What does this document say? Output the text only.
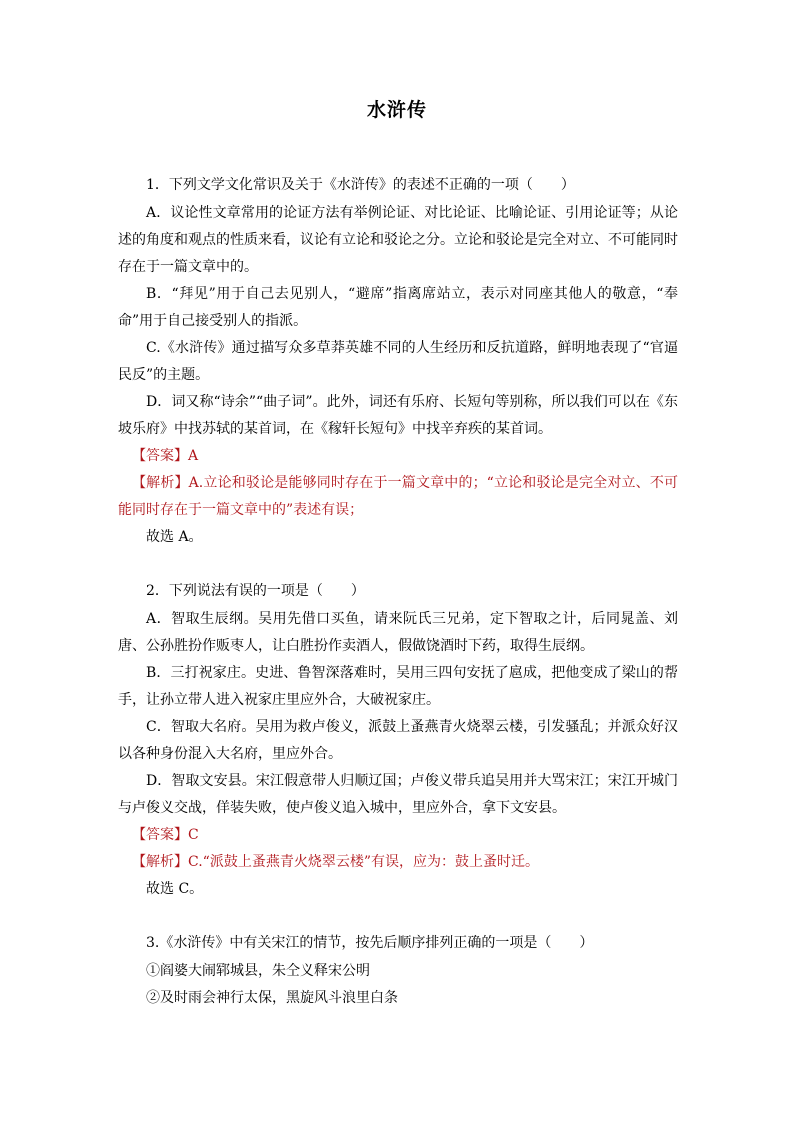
水浒传

1．下列文学文化常识及关于《水浒传》的表述不正确的一项（　　）

A．议论性文章常用的论证方法有举例论证、对比论证、比喻论证、引用论证等；从论述的角度和观点的性质来看，议论有立论和驳论之分。立论和驳论是完全对立、不可能同时存在于一篇文章中的。

B．“拜见”用于自己去见别人，“避席”指离席站立，表示对同座其他人的敬意，“奉命”用于自己接受别人的指派。

C.《水浒传》通过描写众多草莽英雄不同的人生经历和反抗道路，鲜明地表现了“官逼民反”的主题。

D．词又称“诗余”“曲子词”。此外，词还有乐府、长短句等别称，所以我们可以在《东坡乐府》中找苏轼的某首词，在《稼轩长短句》中找辛弃疾的某首词。

【答案】A

【解析】A.立论和驳论是能够同时存在于一篇文章中的；“立论和驳论是完全对立、不可能同时存在于一篇文章中的”表述有误；

故选 A。

2．下列说法有误的一项是（　　）

A．智取生辰纲。吴用先借口买鱼，请来阮氏三兄弟，定下智取之计，后同晁盖、刘唐、公孙胜扮作贩枣人，让白胜扮作卖酒人，假做饶酒时下药，取得生辰纲。

B．三打祝家庄。史进、鲁智深落难时，吴用三四句安抚了扈成，把他变成了梁山的帮手，让孙立带人进入祝家庄里应外合，大破祝家庄。

C．智取大名府。吴用为救卢俊义，派鼓上蚤燕青火烧翠云楼，引发骚乱；并派众好汉以各种身份混入大名府，里应外合。

D．智取文安县。宋江假意带人归顺辽国；卢俊义带兵追吴用并大骂宋江；宋江开城门与卢俊义交战，佯装失败，使卢俊义追入城中，里应外合，拿下文安县。

【答案】C

【解析】C.“派鼓上蚤燕青火烧翠云楼”有误，应为：鼓上蚤时迁。

故选 C。

3.《水浒传》中有关宋江的情节，按先后顺序排列正确的一项是（　　）

①阎婆大闹郓城县，朱仝义释宋公明

②及时雨会神行太保，黑旋风斗浪里白条
